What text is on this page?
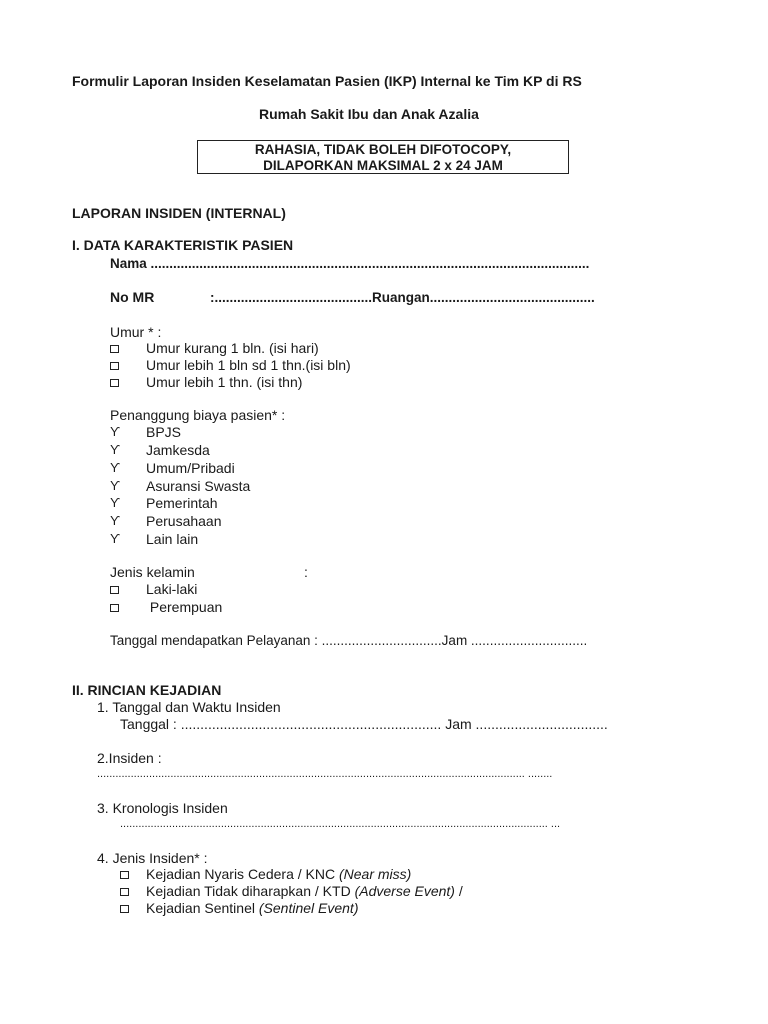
Formulir Laporan Insiden Keselamatan Pasien (IKP) Internal ke Tim KP di RS
Rumah Sakit Ibu dan Anak Azalia
RAHASIA, TIDAK BOLEH DIFOTOCOPY,
DILAPORKAN MAKSIMAL 2 x 24 JAM
LAPORAN INSIDEN (INTERNAL)
I. DATA KARAKTERISTIK PASIEN
Nama .....................................................................................................................
No MR	:..........................................Ruangan............................................
Umur * :
Umur kurang 1 bln. (isi hari)
Umur lebih 1 bln sd 1 thn.(isi bln)
Umur lebih 1 thn. (isi thn)
Penanggung biaya pasien* :
ϒ BPJS
ϒ Jamkesda
ϒ Umum/Pribadi
ϒ Asuransi Swasta
ϒ Pemerintah
ϒ Perusahaan
ϒ Lain lain
Jenis kelamin	:
Laki-laki
Perempuan
Tanggal mendapatkan Pelayanan : ................................Jam ...............................
II. RINCIAN KEJADIAN
1. Tanggal dan Waktu Insiden
Tanggal : ................................................................... Jam ..................................
2.Insiden :
............................................................................................................................................ ........
3. Kronologis Insiden
............................................................................................................................................ ...
4. Jenis Insiden* :
Kejadian Nyaris Cedera / KNC (Near miss)
Kejadian Tidak diharapkan / KTD (Adverse Event) /
Kejadian Sentinel (Sentinel Event)
